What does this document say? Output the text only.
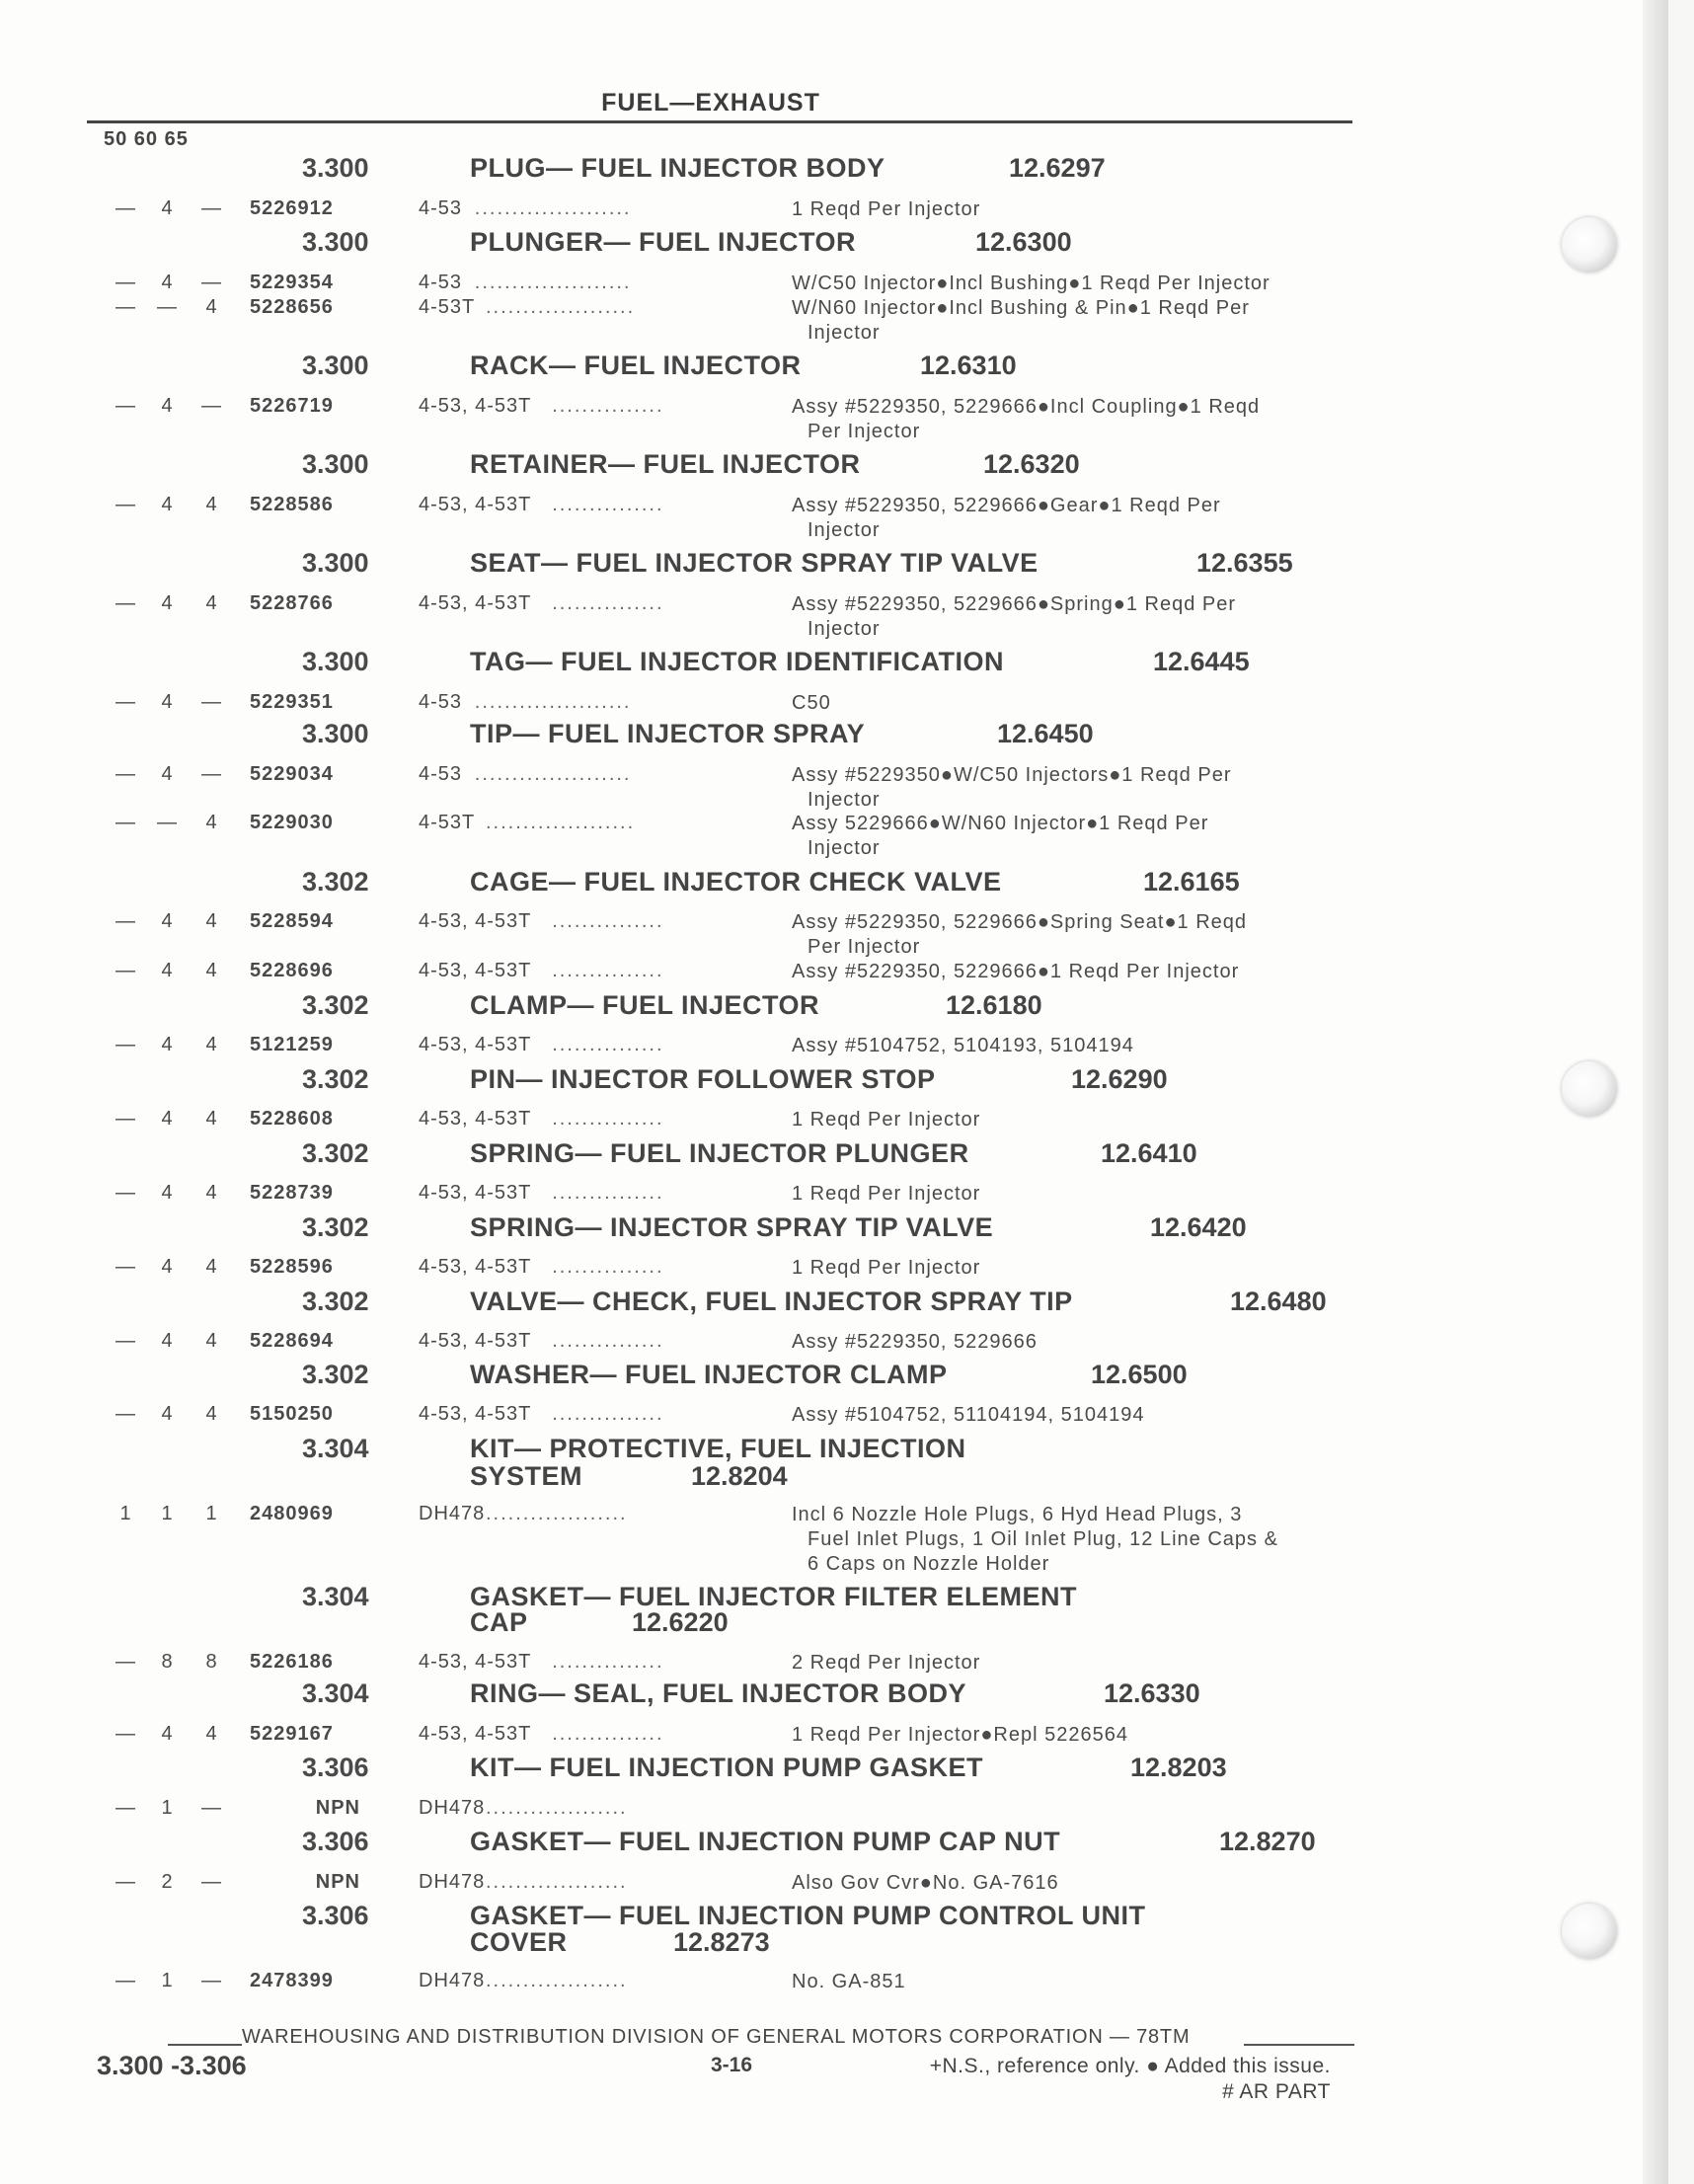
FUEL—EXHAUST
50 60 65
3.300	PLUG— FUEL INJECTOR BODY	12.6297
— 4 — 5226912	4-53 .....................	1 Reqd Per Injector
3.300	PLUNGER— FUEL INJECTOR	12.6300
— 4 — 5229354	4-53 .....................	W/C50 Injector●Incl Bushing●1 Reqd Per Injector
— — 4 5228656	4-53T ....................	W/N60 Injector●Incl Bushing & Pin●1 Reqd Per
Injector
3.300	RACK— FUEL INJECTOR	12.6310
— 4 — 5226719	4-53, 4-53T ...............	Assy #5229350, 5229666●Incl Coupling●1 Reqd
Per Injector
3.300	RETAINER— FUEL INJECTOR	12.6320
— 4 4 5228586	4-53, 4-53T ...............	Assy #5229350, 5229666●Gear●1 Reqd Per
Injector
3.300	SEAT— FUEL INJECTOR SPRAY TIP VALVE	12.6355
— 4 4 5228766	4-53, 4-53T ...............	Assy #5229350, 5229666●Spring●1 Reqd Per
Injector
3.300	TAG— FUEL INJECTOR IDENTIFICATION	12.6445
— 4 — 5229351	4-53 .....................	C50
3.300	TIP— FUEL INJECTOR SPRAY	12.6450
— 4 — 5229034	4-53 .....................	Assy #5229350●W/C50 Injectors●1 Reqd Per
Injector
— — 4 5229030	4-53T ....................	Assy 5229666●W/N60 Injector●1 Reqd Per
Injector
3.302	CAGE— FUEL INJECTOR CHECK VALVE	12.6165
— 4 4 5228594	4-53, 4-53T ...............	Assy #5229350, 5229666●Spring Seat●1 Reqd
Per Injector
— 4 4 5228696	4-53, 4-53T ...............	Assy #5229350, 5229666●1 Reqd Per Injector
3.302	CLAMP— FUEL INJECTOR	12.6180
— 4 4 5121259	4-53, 4-53T ...............	Assy #5104752, 5104193, 5104194
3.302	PIN— INJECTOR FOLLOWER STOP	12.6290
— 4 4 5228608	4-53, 4-53T ...............	1 Reqd Per Injector
3.302	SPRING— FUEL INJECTOR PLUNGER	12.6410
— 4 4 5228739	4-53, 4-53T ...............	1 Reqd Per Injector
3.302	SPRING— INJECTOR SPRAY TIP VALVE	12.6420
— 4 4 5228596	4-53, 4-53T ...............	1 Reqd Per Injector
3.302	VALVE— CHECK, FUEL INJECTOR SPRAY TIP	12.6480
— 4 4 5228694	4-53, 4-53T ...............	Assy #5229350, 5229666
3.302	WASHER— FUEL INJECTOR CLAMP	12.6500
— 4 4 5150250	4-53, 4-53T ...............	Assy #5104752, 51104194, 5104194
3.304	KIT— PROTECTIVE, FUEL INJECTION
SYSTEM	12.8204
1 1 1 2480969	DH478 ...................	Incl 6 Nozzle Hole Plugs, 6 Hyd Head Plugs, 3
Fuel Inlet Plugs, 1 Oil Inlet Plug, 12 Line Caps &
6 Caps on Nozzle Holder
3.304	GASKET— FUEL INJECTOR FILTER ELEMENT
CAP	12.6220
— 8 8 5226186	4-53, 4-53T ...............	2 Reqd Per Injector
3.304	RING— SEAL, FUEL INJECTOR BODY	12.6330
— 4 4 5229167	4-53, 4-53T ...............	1 Reqd Per Injector●Repl 5226564
3.306	KIT— FUEL INJECTION PUMP GASKET	12.8203
— 1 —	NPN	DH478 ...................
3.306	GASKET— FUEL INJECTION PUMP CAP NUT	12.8270
— 2 —	NPN	DH478 ...................	Also Gov Cvr●No. GA-7616
3.306	GASKET— FUEL INJECTION PUMP CONTROL UNIT
COVER	12.8273
— 1 — 2478399	DH478 ...................	No. GA-851
WAREHOUSING AND DISTRIBUTION DIVISION OF GENERAL MOTORS CORPORATION — 78TM
3.300 -3.306	3-16	+N.S., reference only. ● Added this issue.
# AR PART
